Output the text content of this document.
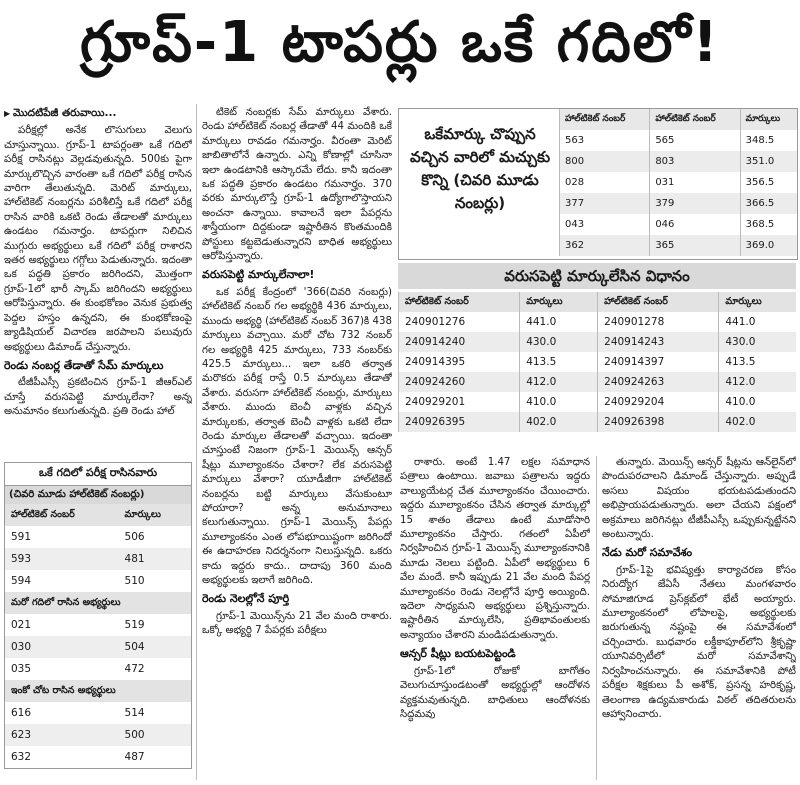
గ్రూప్-1 టాపర్లు ఒకే గదిలో!
▶ మొదటిపేజీ తరువాయి...

పరీక్షల్లో అనేక లొసుగులు వెలుగు చూస్తున్నాయి. గ్రూప్-1 టాపర్లంతా ఒకే గదిలో పరీక్ష రాసినట్లు వెల్లడవుతున్నది. 500కు పైగా మార్కులొచ్చిన వారంతా ఒకే గదిలో పరీక్ష రాసిన వారిగా తేలుతున్నది. మెరిట్ మార్కులు, హాల్‌టికెట్ నంబర్లను పరిశీలిస్తే ఒకే గదిలో పరీక్ష రాసిన వారికి ఒకటి రెండు తేడాలతో మార్కులు ఉండటం గమనార్హం. టాపర్లుగా నిలిచిన ముగ్గురు అభ్యర్థులు ఒకే గదిలో పరీక్ష రాశారని ఇతర అభ్యర్థులు గగ్గోలు పెడుతున్నారు. ఇదంతా ఒక పద్ధతి ప్రకారం జరిగిందని, మొత్తంగా గ్రూప్-1లో భారీ స్కామ్ జరిగిందని అభ్యర్థులు ఆరోపిస్తున్నారు. ఈ కుంభకోణం వెనుక ప్రభుత్వ పెద్దల హస్తం ఉన్నదని, ఈ కుంభకోణంపై జ్యుడిషియల్ విచారణ జరపాలని పలువురు అభ్యర్థులు డిమాండ్ చేస్తున్నారు.

రెండు నంబర్ల తేడాతో సేమ్ మార్కులు

టీజీపీఎస్సీ ప్రకటించిన గ్రూప్-1 జీఆర్ఎల్ చూస్తే వరుసపెట్టి మార్కులేనా? అన్న అనుమానం కలుగుతున్నది. ప్రతి రెండు హాల్

ఒకే గదిలో పరీక్ష రాసినవారు
(చివరి మూడు హాల్‌టికెట్ నంబర్లు)
హాల్‌టికెట్ నంబర్	మార్కులు
591	506
593	481
594	510
మరో గదిలో రాసిన అభ్యర్థులు	
021	519
030	504
035	472
ఇంకో చోట రాసిన అభ్యర్థులు	
616	514
623	500
632	487

టికెట్ నంబర్లకు సేమ్ మార్కులు వేశారు. రెండు హాల్‌టికెట్ నంబర్ల తేడాతో 44 మందికి ఒకే మార్కులు రావడం గమనార్హం. వీరంతా మెరిట్ జాబితాలోనే ఉన్నారు. ఎన్ని కోణాల్లో చూసినా ఇలా ఉండటానికి ఆస్కారమే లేదు. కానీ ఇదంతా ఒక పద్ధతి ప్రకారం ఉండటం గమనార్హం. 370 వరకు మార్కులొస్తే గ్రూప్-1 ఉద్యోగాలొస్తాయని అంచనా ఉన్నాయి. కావాలనే ఇలా పేపర్లను శాస్త్రీయంగా దిద్దకుండా ఇష్టారీతిన కొంతమందికి పోస్టులు కట్టబెడుతున్నారని బాధిత అభ్యర్థులు ఆరోపిస్తున్నారు.

వరుసపెట్టి మార్కులేనాలా!

ఒక పరీక్ష కేంద్రంలో '366(చివరి నంబర్లు) హాల్‌టికెట్ నంబర్ గల అభ్యర్థికి 436 మార్కులు, ముందు అభ్యర్థి (హాల్‌టికెట్ నంబర్ 367)కి 438 మార్కులు వచ్చాయి. మరో చోట 732 నంబర్ గల అభ్యర్థికి 425 మార్కులు, 733 నంబర్‌కు 425.5 మార్కులు... ఇలా ఒకరి తర్వాత మరొకరు పరీక్ష రాస్తే 0.5 మార్కులు తేడాతో వేశారు. వరుసగా హాల్‌టికెట్ నంబర్లు, మార్కులు వేశారు. ముందు బెంచీ వాళ్లకు వచ్చిన మార్కులకు, తర్వాత బెంచీ వాళ్లకు ఒకటి లేదా రెండు మార్కుల తేడాలతో వచ్చాయి. ఇదంతా చూస్తుంటే నిజంగా గ్రూప్-1 మెయిన్స్ ఆన్సర్ షీట్లు మూల్యాంకనం చేశారా? లేక వరుసపెట్టి మార్కులు వేశారా? యూడీజీగా హాల్‌టికెట్ నంబర్లను బట్టి మార్కులు వేసుకుంటూ పోయారా? అన్న అనుమానాలు కలుగుతున్నాయి. గ్రూప్-1 మెయిన్స్ పేపర్లు మూల్యాంకనం ఎంత లోపభూయిష్టంగా జరిగిందో ఈ ఉదాహరణ నిదర్శనంగా నిలుస్తున్నది. ఒకరు కాదు ఇద్దరు కాదు.. దాదాపు 360 మంది అభ్యర్థులకు ఇలాగే జరిగింది.

రెండు నెలల్లోనే పూర్తి

గ్రూప్-1 మెయిన్స్‌ను 21 వేల మంది రాశారు. ఒక్కో అభ్యర్థి 7 పేపర్లకు పరీక్షలు

ఒకేమార్కు చొప్పున వచ్చిన వారిలో మచ్చుకు కొన్ని (చివరి మూడు నంబర్లు)
హాల్‌టికెట్ నంబర్	హాల్‌టికెట్ నంబర్	మార్కులు
563	565	348.5
800	803	351.0
028	031	356.5
377	379	366.5
043	046	368.5
362	365	369.0
వరుసపెట్టి మార్కులేసిన విధానం
హాల్‌టికెట్ నంబర్	మార్కులు	హాల్‌టికెట్ నంబర్	మార్కులు
240901276	441.0	240901278	441.0
240914240	430.0	240914243	430.0
240914395	413.5	240914397	413.5
240924260	412.0	240924263	412.0
240929201	410.0	240929204	410.0
240926395	402.0	240926398	402.0

రాశారు. అంటే 1.47 లక్షల సమాధాన పత్రాలు ఉంటాయి. జవాబు పత్రాలను ఇద్దరు వాల్యుయేటర్ల చేత మూల్యాంకనం చేయించారు. ఇద్దరు మూల్యాంకనం చేసిన తర్వాత మార్కుల్లో 15 శాతం తేడాలు ఉంటే మూడోసారి మూల్యాంకనం చేస్తారు. గతంలో ఏపీలో నిర్వహించిన గ్రూప్-1 మెయిన్స్ మూల్యాంకనానికి మూడు నెలలు పట్టింది. ఏపీలో అభ్యర్థులు 6 వేల మందే. కానీ ఇప్పుడు 21 వేల మంది పేపర్ల మూల్యాంకనం రెండు నెలల్లోనే పూర్తి అయ్యింది. ఇదెలా సాధ్యమని అభ్యర్థులు ప్రశ్నిస్తున్నారు. ఇష్టారీతిన మార్కులేసి, ప్రతిభావంతులకు అన్యాయం చేశారని మండిపడుతున్నారు.

ఆన్సర్ షీట్లు బయటపెట్టండి

గ్రూప్-1లో రోజుకో బాగోతం వెలుగుచూస్తుండటంతో అభ్యర్థుల్లో ఆందోళన వ్యక్తమవుతున్నది. బాధితులు ఆందోళనకు సిద్ధమవు

తున్నారు. మెయిన్స్ ఆన్సర్ షీట్లను ఆన్‌లైన్‌లో పొందుపరచాలని డిమాండ్ చేస్తున్నారు. అప్పుడే అసలు విషయం భయటపడుతుందని అభిప్రాయపడుతున్నారు. అలా చేయని పక్షంలో అక్రమాలు జరిగినట్లు టీజీపీఎస్సీ ఒప్పుకున్నట్టేనని అంటున్నారు.

నేడు మరో సమావేశం

గ్రూప్-1పై భవిష్యత్తు కార్యాచరణ కోసం నిరుద్యోగ జేఏసీ నేతలు మంగళవారం సోమాజిగూడ ప్రెస్‌క్లబ్‌లో భేటీ అయ్యారు. మూల్యాంకనంలో లోపాలపై, అభ్యర్థులకు జరుగుతున్న నష్టంపై ఈ సమావేశంలో చర్చించారు. బుధవారం లక్డీకాపూల్‌లోని శ్రీకృష్ణా యూనివర్సిటీలో మరో సమావేశాన్ని నిర్వహించనున్నారు. ఈ సమావేశానికి పోటీ పరీక్షల శిక్షకులు పీ అశోక్, ప్రసన్న హరికృష్ణ, తెలంగాణ ఉద్యమకారుడు విఠల్ తదితరులను ఆహ్వానించారు.
